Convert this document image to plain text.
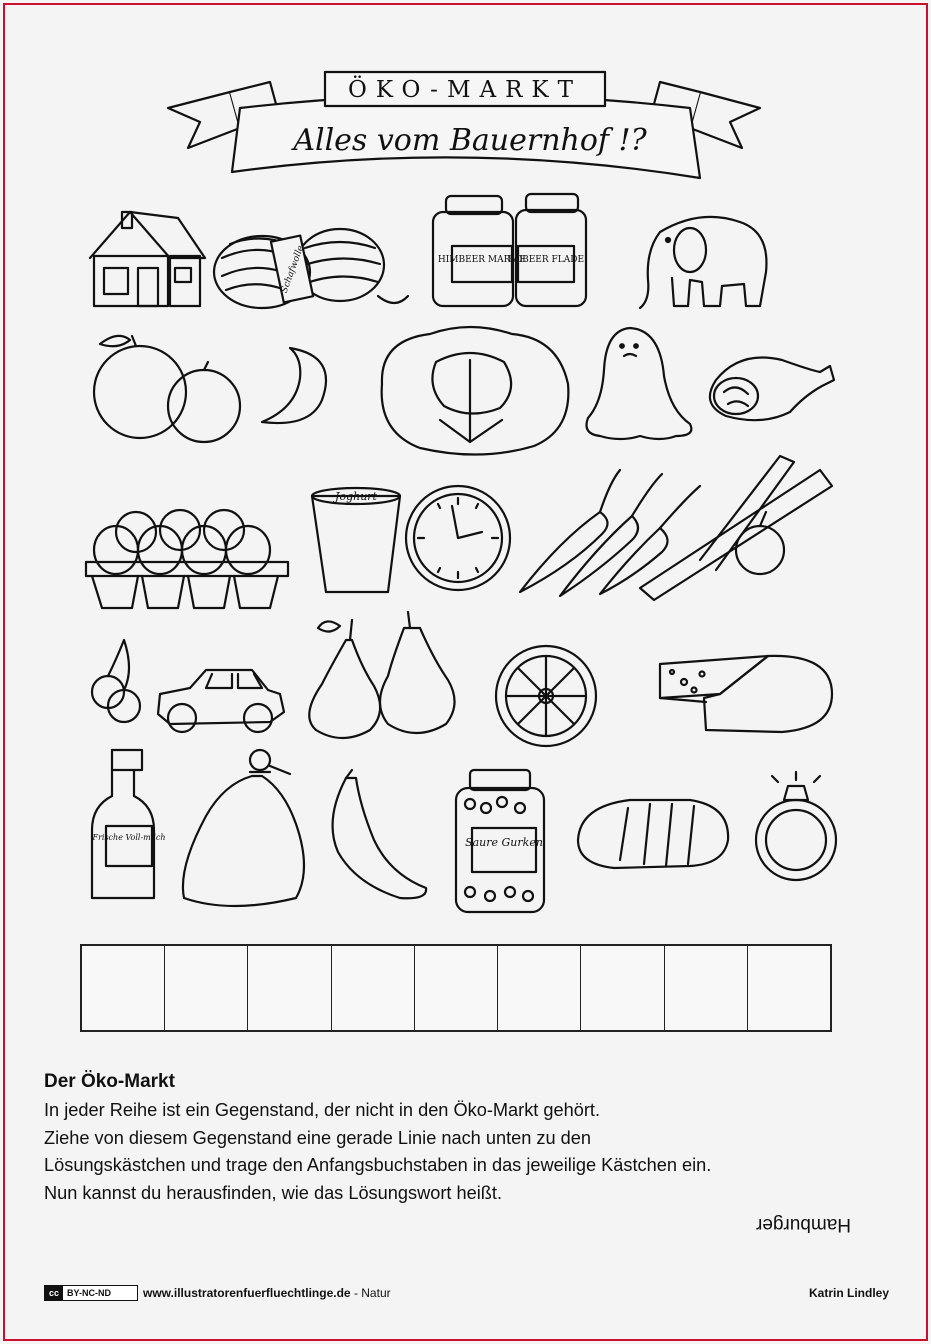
ÖKO-MARKT
Alles vom Bauernhof !?
Schafwolle	HIMBEER MARME
ROBEER FLADE
Joghurt
Frische Voll-milch	Saure Gurken
Der Öko-Markt

In jeder Reihe ist ein Gegenstand, der nicht in den Öko-Markt gehört.

Ziehe von diesem Gegenstand eine gerade Linie nach unten zu den

Lösungskästchen und trage den Anfangsbuchstaben in das jeweilige Kästchen ein.

Nun kannst du herausfinden, wie das Lösungswort heißt.

Hamburger
cc BY-NC-ND	www.illustratorenfuerfluechtlinge.de - Natur	Katrin Lindley
